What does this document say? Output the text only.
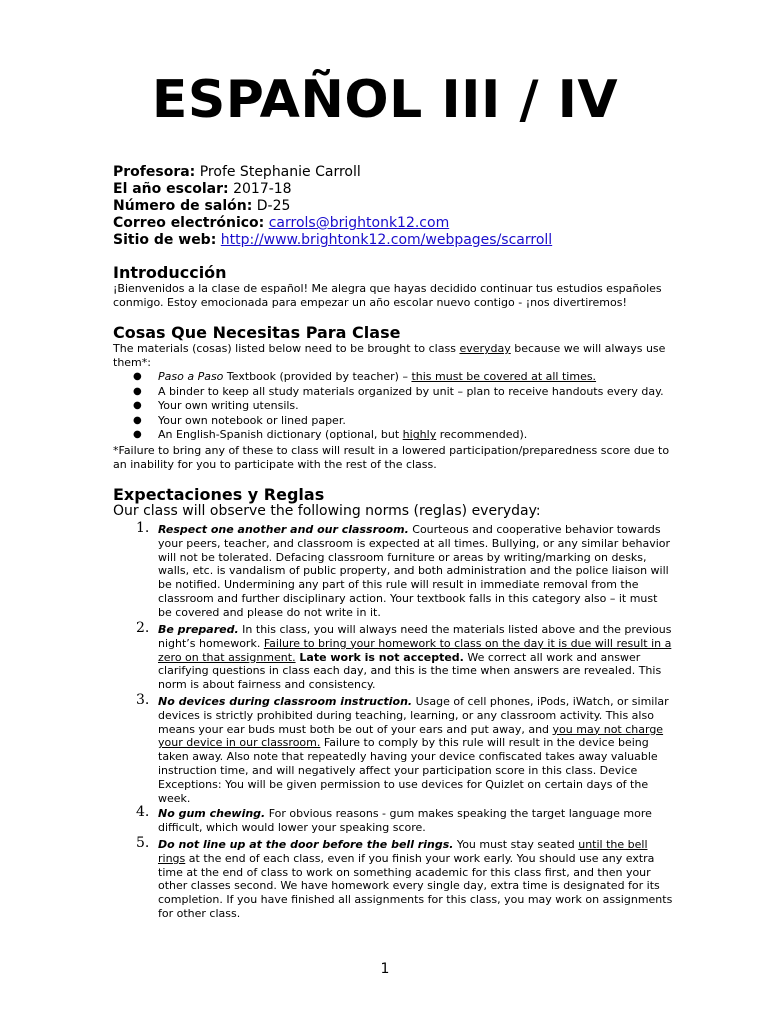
ESPAÑOL III / IV
Profesora: Profe Stephanie Carroll
El año escolar: 2017-18
Número de salón: D-25
Correo electrónico: carrols@brightonk12.com
Sitio de web: http://www.brightonk12.com/webpages/scarroll
Introducción
¡Bienvenidos a la clase de español! Me alegra que hayas decidido continuar tus estudios españoles
conmigo. Estoy emocionada para empezar un año escolar nuevo contigo - ¡nos divertiremos!
Cosas Que Necesitas Para Clase
The materials (cosas) listed below need to be brought to class everyday because we will always use
them*:
● Paso a Paso Textbook (provided by teacher) – this must be covered at all times.
● A binder to keep all study materials organized by unit – plan to receive handouts every day.
● Your own writing utensils.
● Your own notebook or lined paper.
● An English-Spanish dictionary (optional, but highly recommended).
*Failure to bring any of these to class will result in a lowered participation/preparedness score due to
an inability for you to participate with the rest of the class.
Expectaciones y Reglas
Our class will observe the following norms (reglas) everyday:
1. Respect one another and our classroom. Courteous and cooperative behavior towards
your peers, teacher, and classroom is expected at all times. Bullying, or any similar behavior
will not be tolerated. Defacing classroom furniture or areas by writing/marking on desks,
walls, etc. is vandalism of public property, and both administration and the police liaison will
be notified. Undermining any part of this rule will result in immediate removal from the
classroom and further disciplinary action. Your textbook falls in this category also – it must
be covered and please do not write in it.
2. Be prepared. In this class, you will always need the materials listed above and the previous
night’s homework. Failure to bring your homework to class on the day it is due will result in a
zero on that assignment. Late work is not accepted. We correct all work and answer
clarifying questions in class each day, and this is the time when answers are revealed. This
norm is about fairness and consistency.
3. No devices during classroom instruction. Usage of cell phones, iPods, iWatch, or similar
devices is strictly prohibited during teaching, learning, or any classroom activity. This also
means your ear buds must both be out of your ears and put away, and you may not charge
your device in our classroom. Failure to comply by this rule will result in the device being
taken away. Also note that repeatedly having your device confiscated takes away valuable
instruction time, and will negatively affect your participation score in this class. Device
Exceptions: You will be given permission to use devices for Quizlet on certain days of the
week.
4. No gum chewing. For obvious reasons - gum makes speaking the target language more
difficult, which would lower your speaking score.
5. Do not line up at the door before the bell rings. You must stay seated until the bell
rings at the end of each class, even if you finish your work early. You should use any extra
time at the end of class to work on something academic for this class first, and then your
other classes second. We have homework every single day, extra time is designated for its
completion. If you have finished all assignments for this class, you may work on assignments
for other class.
1
